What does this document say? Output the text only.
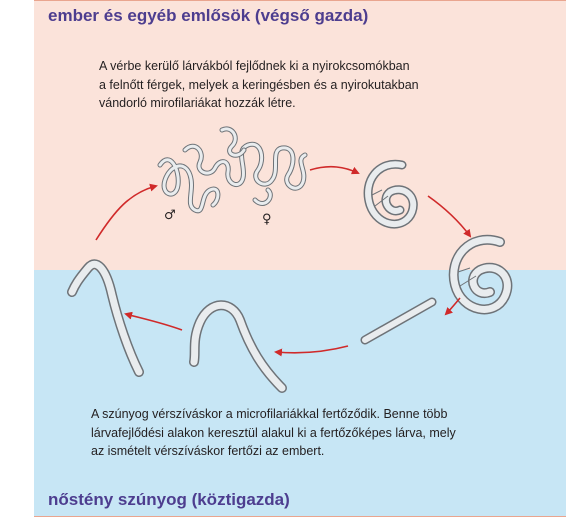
ember és egyéb emlősök (végső gazda)
A vérbe kerülő lárvákból fejlődnek ki a nyirokcsomókban
a felnőtt férgek, melyek a keringésben és a nyirokutakban
vándorló mirofilariákat hozzák létre.
♂	♀
A szúnyog vérszíváskor a microfilariákkal fertőződik. Benne több
lárvafejlődési alakon keresztül alakul ki a fertőzőképes lárva, mely
az ismételt vérszíváskor fertőzi az embert.
nőstény szúnyog (köztigazda)
